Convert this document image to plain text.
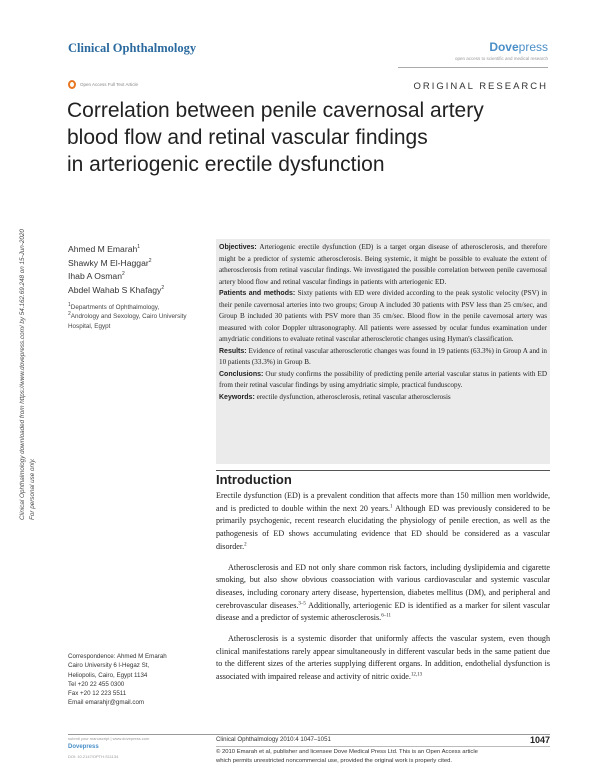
Clinical Ophthalmology	Dovepress
open access to scientific and medical research
Open Access Full Text Article	ORIGINAL RESEARCH
Correlation between penile cavernosal artery
blood flow and retinal vascular findings
in arteriogenic erectile dysfunction
Clinical Ophthalmology downloaded from https://www.dovepress.com/ by 54.162.69.248 on 15-Jun-2020 For personal use only.
Ahmed M Emarah$^1$
Shawky M El-Haggar$^2$
Ihab A Osman$^2$
Abdel Wahab S Khafagy$^2$
$^1$Departments of Ophthalmology,
$^2$Andrology and Sexology, Cairo University Hospital, Egypt

Objectives: Arteriogenic erectile dysfunction (ED) is a target organ disease of atherosclerosis, and therefore might be a predictor of systemic atherosclerosis. Being systemic, it might be possible to evaluate the extent of atherosclerosis from retinal vascular findings. We investigated the possible correlation between penile cavernosal artery blood flow and retinal vascular findings in patients with arteriogenic ED.

Patients and methods: Sixty patients with ED were divided according to the peak systolic velocity (PSV) in their penile cavernosal arteries into two groups; Group A included 30 patients with PSV less than 25 cm/sec, and Group B included 30 patients with PSV more than 35 cm/sec. Blood flow in the penile cavernosal artery was measured with color Doppler ultrasonography. All patients were assessed by ocular fundus examination under amydriatic conditions to evaluate retinal vascular atherosclerotic changes using Hyman's classification.

Results: Evidence of retinal vascular atherosclerotic changes was found in 19 patients (63.3%) in Group A and in 10 patients (33.3%) in Group B.

Conclusions: Our study confirms the possibility of predicting penile arterial vascular status in patients with ED from their retinal vascular findings by using amydriatic simple, practical funduscopy.

Keywords: erectile dysfunction, atherosclerosis, retinal vascular atherosclerosis

Introduction

Erectile dysfunction (ED) is a prevalent condition that affects more than 150 million men worldwide, and is predicted to double within the next 20 years.$^1$ Although ED was previously considered to be primarily psychogenic, recent research elucidating the physiology of penile erection, as well as the pathogenesis of ED shows accumulating evidence that ED should be considered as a vascular disorder.$^2$

Atherosclerosis and ED not only share common risk factors, including dyslipidemia and cigarette smoking, but also show obvious coassociation with various cardiovascular and systemic vascular diseases, including coronary artery disease, hypertension, diabetes mellitus (DM), and peripheral and cerebrovascular diseases.$^{3-5}$ Additionally, arteriogenic ED is identified as a marker for silent vascular disease and a predictor of systemic atherosclerosis.$^{6-11}$

Atherosclerosis is a systemic disorder that uniformly affects the vascular system, even though clinical manifestations rarely appear simultaneously in different vascular beds in the same patient due to the different sizes of the arteries supplying different organs. In addition, endothelial dysfunction is associated with impaired release and activity of nitric oxide.$^{12,13}$

Correspondence: Ahmed M Emarah
Cairo University 6 l-Hegaz St,
Heliopolis, Cairo, Egypt 1134
Tel +20 22 455 0300
Fax +20 12 223 5511
Email emarahjr@gmail.com
submit your manuscript | www.dovepress.com
Dovepress
DOI: 10.2147/OPTH.S11134
Clinical Ophthalmology 2010:4 1047–1051	1047
© 2010 Emarah et al, publisher and licensee Dove Medical Press Ltd. This is an Open Access article
which permits unrestricted noncommercial use, provided the original work is properly cited.
